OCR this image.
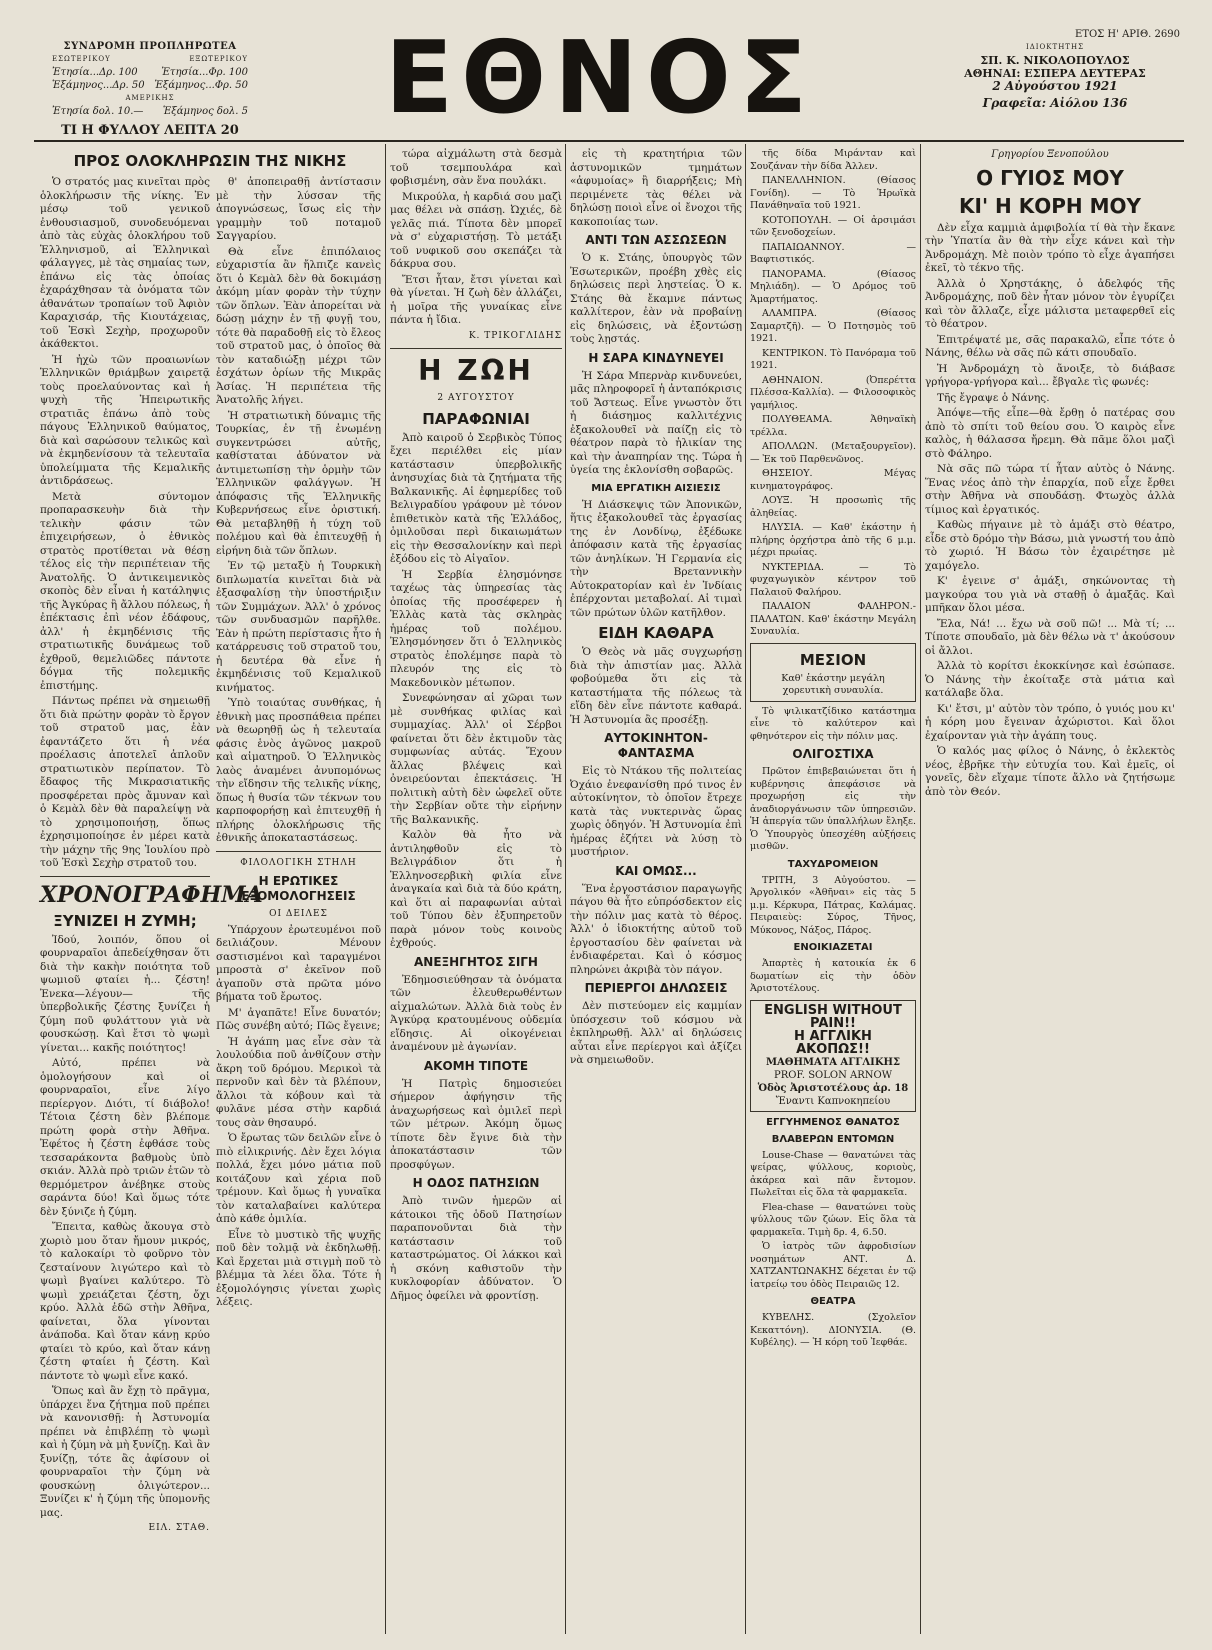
ΣΥΝΔΡΟΜΗ ΠΡΟΠΛΗΡΩΤΕΑ
ΕΣΩΤΕΡΙΚΟΥ	ΕΞΩΤΕΡΙΚΟΥ
Ἐτησία...Δρ. 100 Ἐτησία...Φρ. 100
Ἑξάμηνος...Δρ. 50 Ἑξάμηνος...Φρ. 50
ΑΜΕΡΙΚΗΣ
Ἐτησία δολ. 10.— Ἑξάμηνος δολ. 5
ΤΙ Η ΦΥΛΛΟΥ ΛΕΠΤΑ 20	ΕΘΝΟΣ	ΕΤΟΣ Η' ΑΡΙΘ. 2690
ΙΔΙΟΚΤΗΤΗΣ
ΣΠ. Κ. ΝΙΚΟΛΟΠΟΥΛΟΣ
ΑΘΗΝΑΙ: ΕΣΠΕΡΑ ΔΕΥΤΕΡΑΣ
2 Αὐγούστου 1921
Γραφεῖα: Αἰόλου 136
ΠΡΟΣ ΟΛΟΚΛΗΡΩΣΙΝ ΤΗΣ ΝΙΚΗΣ

Ὁ στρατός μας κινεῖται πρὸς ὁλοκλήρωσιν τῆς νίκης. Ἐν μέσῳ τοῦ γενικοῦ ἐνθουσιασμοῦ, συνοδευόμεναι ἀπὸ τὰς εὐχὰς ὁλοκλήρου τοῦ Ἑλληνισμοῦ, αἱ Ἑλληνικαὶ φάλαγγες, μὲ τὰς σημαίας των, ἐπάνω εἰς τὰς ὁποίας ἐχαράχθησαν τὰ ὀνόματα τῶν ἀθανάτων τροπαίων τοῦ Ἀφιὸν Καραχισάρ, τῆς Κιουτάχειας, τοῦ Ἐσκὶ Σεχὴρ, προχωροῦν ἀκάθεκτοι.

Ἡ ἠχὼ τῶν προαιωνίων Ἑλληνικῶν θριάμβων χαιρετᾷ τοὺς προελαύνοντας καὶ ἡ ψυχὴ τῆς Ἠπειρωτικῆς στρατιᾶς ἐπάνω ἀπὸ τοὺς πάγους Ἑλληνικοῦ θαύματος, διὰ καὶ σαρώσουν τελικῶς καὶ νὰ ἐκμηδενίσουν τὰ τελευταῖα ὑπολείμματα τῆς Κεμαλικῆς ἀντιδράσεως.

Μετὰ σύντομον προπαρασκευὴν διὰ τὴν τελικὴν φάσιν τῶν ἐπιχειρήσεων, ὁ ἐθνικὸς στρατὸς προτίθεται νὰ θέσῃ τέλος εἰς τὴν περιπέτειαν τῆς Ἀνατολῆς. Ὁ ἀντικειμενικὸς σκοπὸς δὲν εἶναι ἡ κατάληψις τῆς Ἀγκύρας ἢ ἄλλου πόλεως, ἡ ἐπέκτασις ἐπὶ νέον ἐδάφους, ἀλλ' ἡ ἐκμηδένισις τῆς στρατιωτικῆς δυνάμεως τοῦ ἐχθροῦ, θεμελιῶδες πάντοτε δόγμα τῆς πολεμικῆς ἐπιστήμης.

Πάντως πρέπει νὰ σημειωθῇ ὅτι διὰ πρώτην φορὰν τὸ ἔργον τοῦ στρατοῦ μας, ἐὰν ἐφαντάζετο ὅτι ἡ νέα προέλασις ἀποτελεῖ ἁπλοῦν στρατιωτικὸν περίπατον. Τὸ ἔδαφος τῆς Μικρασιατικῆς προσφέρεται πρὸς ἄμυναν καὶ ὁ Κεμὰλ δὲν θὰ παραλείψῃ νὰ τὸ χρησιμοποιήσῃ, ὅπως ἐχρησιμοποίησε ἐν μέρει κατὰ τὴν μάχην τῆς 9ης Ἰουλίου πρὸ τοῦ Ἐσκὶ Σεχὴρ στρατοῦ του.

ΧΡΟΝΟΓΡΑΦΗΜΑ
ΞΥΝΙΖΕΙ Η ΖΥΜΗ;

Ἰδού, λοιπόν, ὅπου οἱ φουρναραῖοι ἀπεδείχθησαν ὅτι διὰ τὴν κακὴν ποιότητα τοῦ ψωμιοῦ φταίει ἡ... ζέστη! Ἐνεκα—λέγουν— τῆς ὑπερβολικῆς ζέστης ξυνίζει ἡ ζύμη ποῦ φυλάττουν γιὰ νὰ φουσκώσῃ. Καὶ ἔτσι τὸ ψωμὶ γίνεται... κακῆς ποιότητος!

Αὐτό, πρέπει νὰ ὁμολογήσουν καὶ οἱ φουρναραῖοι, εἶνε λίγο περίεργον. Διότι, τί διάβολο! Τέτοια ζέστη δὲν βλέπομε πρώτη φορὰ στὴν Ἀθῆνα. Ἐφέτος ἡ ζέστη ἐφθάσε τοὺς τεσσαράκοντα βαθμοὺς ὑπὸ σκιάν. Ἀλλὰ πρὸ τριῶν ἐτῶν τὸ θερμόμετρον ἀνέβηκε στοὺς σαράντα δύο! Καὶ ὅμως τότε δὲν ξύνιζε ἡ ζύμη.

Ἔπειτα, καθὼς ἄκουγα στὸ χωριὸ μου ὅταν ἤμουν μικρός, τὸ καλοκαίρι τὸ φοῦρνο τὸν ζεσταίνουν λιγώτερο καὶ τὸ ψωμὶ βγαίνει καλύτερο. Τὸ ψωμὶ χρειάζεται ζέστη, ὄχι κρύο. Ἀλλὰ ἐδῶ στὴν Ἀθῆνα, φαίνεται, ὅλα γίνονται ἀνάποδα. Καὶ ὅταν κάνῃ κρύο φταίει τὸ κρύο, καὶ ὅταν κάνῃ ζέστη φταίει ἡ ζέστη. Καὶ πάντοτε τὸ ψωμὶ εἶνε κακό.

Ὅπως καὶ ἂν ἔχῃ τὸ πρᾶγμα, ὑπάρχει ἕνα ζήτημα ποῦ πρέπει νὰ κανονισθῇ: ἡ Ἀστυνομία πρέπει νὰ ἐπιβλέπῃ τὸ ψωμὶ καὶ ἡ ζύμη νὰ μὴ ξυνίζῃ. Καὶ ἂν ξυνίζῃ, τότε ἂς ἀφίσουν οἱ φουρναραῖοι τὴν ζύμη νὰ φουσκώνῃ ὀλιγώτερον... Ξυνίζει κ' ἡ ζύμη τῆς ὑπομονῆς μας.

ΕΙΛ. ΣΤΑΘ.

θ' ἀποπειραθῇ ἀντίστασιν μὲ τὴν λύσσαν τῆς ἀπογνώσεως, ἴσως εἰς τὴν γραμμὴν τοῦ ποταμοῦ Σαγγαρίου.

Θὰ εἶνε ἐπιπόλαιος εὐχαριστία ἂν ἤλπιζε κανεὶς ὅτι ὁ Κεμὰλ δὲν θὰ δοκιμάσῃ ἀκόμη μίαν φορὰν τὴν τύχην τῶν ὅπλων. Ἐὰν ἀπορείται νὰ δώσῃ μάχην ἐν τῇ φυγῇ του, τότε θὰ παραδοθῇ εἰς τὸ ἔλεος τοῦ στρατοῦ μας, ὁ ὁποῖος θὰ τὸν καταδιώξῃ μέχρι τῶν ἐσχάτων ὁρίων τῆς Μικρᾶς Ἀσίας. Ἡ περιπέτεια τῆς Ἀνατολῆς λήγει.

Ἡ στρατιωτικὴ δύναμις τῆς Τουρκίας, ἐν τῇ ἐνωμένῃ συγκεντρώσει αὐτῆς, καθίσταται ἀδύνατον νὰ ἀντιμετωπίσῃ τὴν ὁρμὴν τῶν Ἑλληνικῶν φαλάγγων. Ἡ ἀπόφασις τῆς Ἑλληνικῆς Κυβερνήσεως εἶνε ὁριστική. Θὰ μεταβληθῇ ἡ τύχη τοῦ πολέμου καὶ θὰ ἐπιτευχθῇ ἡ εἰρήνη διὰ τῶν ὅπλων.

Ἐν τῷ μεταξὺ ἡ Τουρκικὴ διπλωματία κινεῖται διὰ νὰ ἐξασφαλίσῃ τὴν ὑποστήριξιν τῶν Συμμάχων. Ἀλλ' ὁ χρόνος τῶν συνδυασμῶν παρῆλθε. Ἐὰν ἡ πρώτη περίστασις ἦτο ἡ κατάρρευσις τοῦ στρατοῦ του, ἡ δευτέρα θὰ εἶνε ἡ ἐκμηδένισις τοῦ Κεμαλικοῦ κινήματος.

Ὑπὸ τοιαύτας συνθήκας, ἡ ἐθνικὴ μας προσπάθεια πρέπει νὰ θεωρηθῇ ὡς ἡ τελευταία φάσις ἑνὸς ἀγῶνος μακροῦ καὶ αἱματηροῦ. Ὁ Ἑλληνικὸς λαὸς ἀναμένει ἀνυπομόνως τὴν εἴδησιν τῆς τελικῆς νίκης, ὅπως ἡ θυσία τῶν τέκνων του καρποφορήσῃ καὶ ἐπιτευχθῇ ἡ πλήρης ὁλοκλήρωσις τῆς ἐθνικῆς ἀποκαταστάσεως.

ΦΙΛΟΛΟΓΙΚΗ ΣΤΗΛΗ
Η ΕΡΩΤΙΚΕΣ ΕΞΟΜΟΛΟΓΗΣΕΙΣ
ΟΙ ΔΕΙΛΕΣ

Ὑπάρχουν ἐρωτευμένοι ποῦ δειλιάζουν. Μένουν σαστισμένοι καὶ ταραγμένοι μπροστὰ σ' ἐκεῖνον ποῦ ἀγαποῦν στὰ πρῶτα μόνο βήματα τοῦ ἔρωτος.

Μ' ἀγαπᾶτε! Εἶνε δυνατόν; Πῶς συνέβη αὐτό; Πῶς ἔγεινε;

Ἡ ἀγάπη μας εἶνε σὰν τὰ λουλούδια ποῦ ἀνθίζουν στὴν ἄκρη τοῦ δρόμου. Μερικοὶ τὰ περνοῦν καὶ δὲν τὰ βλέπουν, ἄλλοι τὰ κόβουν καὶ τὰ φυλᾶνε μέσα στὴν καρδιά τους σὰν θησαυρό.

Ὁ ἔρωτας τῶν δειλῶν εἶνε ὁ πιὸ εἰλικρινής. Δὲν ἔχει λόγια πολλά, ἔχει μόνο μάτια ποῦ κοιτάζουν καὶ χέρια ποῦ τρέμουν. Καὶ ὅμως ἡ γυναῖκα τὸν καταλαβαίνει καλύτερα ἀπὸ κάθε ὁμιλία.

Εἶνε τὸ μυστικὸ τῆς ψυχῆς ποῦ δὲν τολμᾷ νὰ ἐκδηλωθῇ. Καὶ ἔρχεται μιὰ στιγμὴ ποῦ τὸ βλέμμα τὰ λέει ὅλα. Τότε ἡ ἐξομολόγησις γίνεται χωρὶς λέξεις.

τώρα αἰχμάλωτη στὰ δεσμὰ τοῦ τσεμπουλάρα καὶ φοβισμένη, σὰν ἕνα πουλάκι.

Μικρούλα, ἡ καρδιά σου μαζὶ μας θέλει νὰ σπάσῃ. Ὠχιές, δὲ γελᾶς πιά. Τίποτα δὲν μπορεῖ νὰ σ' εὐχαριστήσῃ. Τὸ μετάξι τοῦ νυφικοῦ σου σκεπάζει τὰ δάκρυα σου.

Ἔτσι ἦταν, ἔτσι γίνεται καὶ θὰ γίνεται. Ἡ ζωὴ δὲν ἀλλάζει, ἡ μοῖρα τῆς γυναίκας εἶνε πάντα ἡ ἴδια.

Κ. ΤΡΙΚΟΓΛΙΔΗΣ
Η ΖΩΗ
2 ΑΥΓΟΥΣΤΟΥ
ΠΑΡΑΦΩΝΙΑΙ

Ἀπὸ καιροῦ ὁ Σερβικὸς Τύπος ἔχει περιέλθει εἰς μίαν κατάστασιν ὑπερβολικῆς ἀνησυχίας διὰ τὰ ζητήματα τῆς Βαλκανικῆς. Αἱ ἐφημερίδες τοῦ Βελιγραδίου γράφουν μὲ τόνον ἐπιθετικὸν κατὰ τῆς Ἑλλάδος, ὁμιλοῦσαι περὶ δικαιωμάτων εἰς τὴν Θεσσαλονίκην καὶ περὶ ἐξόδου εἰς τὸ Αἰγαῖον.

Ἡ Σερβία ἐλησμόνησε ταχέως τὰς ὑπηρεσίας τὰς ὁποίας τῆς προσέφερεν ἡ Ἑλλὰς κατὰ τὰς σκληρὰς ἡμέρας τοῦ πολέμου. Ἐλησμόνησεν ὅτι ὁ Ἑλληνικὸς στρατὸς ἐπολέμησε παρὰ τὸ πλευρόν της εἰς τὸ Μακεδονικὸν μέτωπον.

Συνεφώνησαν αἱ χῶραι των μὲ συνθήκας φιλίας καὶ συμμαχίας. Ἀλλ' οἱ Σέρβοι φαίνεται ὅτι δὲν ἐκτιμοῦν τὰς συμφωνίας αὐτάς. Ἔχουν ἄλλας βλέψεις καὶ ὀνειρεύονται ἐπεκτάσεις. Ἡ πολιτικὴ αὐτὴ δὲν ὠφελεῖ οὔτε τὴν Σερβίαν οὔτε τὴν εἰρήνην τῆς Βαλκανικῆς.

Καλὸν θὰ ἦτο νὰ ἀντιληφθοῦν εἰς τὸ Βελιγράδιον ὅτι ἡ Ἑλληνοσερβικὴ φιλία εἶνε ἀναγκαία καὶ διὰ τὰ δύο κράτη, καὶ ὅτι αἱ παραφωνίαι αὐταὶ τοῦ Τύπου δὲν ἐξυπηρετοῦν παρὰ μόνον τοὺς κοινοὺς ἐχθρούς.

ΑΝΕΞΗΓΗΤΟΣ ΣΙΓΗ

Ἐδημοσιεύθησαν τὰ ὀνόματα τῶν ἐλευθερωθέντων αἰχμαλώτων. Ἀλλὰ διὰ τοὺς ἐν Ἀγκύρᾳ κρατουμένους οὐδεμία εἴδησις. Αἱ οἰκογένειαι ἀναμένουν μὲ ἀγωνίαν.

ΑΚΟΜΗ ΤΙΠΟΤΕ

Ἡ Πατρὶς δημοσιεύει σήμερον ἀφήγησιν τῆς ἀναχωρήσεως καὶ ὁμιλεῖ περὶ τῶν μέτρων. Ἀκόμη ὅμως τίποτε δὲν ἔγινε διὰ τὴν ἀποκατάστασιν τῶν προσφύγων.

Η ΟΔΟΣ ΠΑΤΗΣΙΩΝ

Ἀπὸ τινῶν ἡμερῶν αἱ κάτοικοι τῆς ὁδοῦ Πατησίων παραπονοῦνται διὰ τὴν κατάστασιν τοῦ καταστρώματος. Οἱ λάκκοι καὶ ἡ σκόνη καθιστοῦν τὴν κυκλοφορίαν ἀδύνατον. Ὁ Δῆμος ὀφείλει νὰ φροντίσῃ.

εἰς τὴ κρατητήρια τῶν ἀστυνομικῶν τμημάτων «ἀφυμοίας» ἢ διαρρήξεις; Μὴ περιμένετε τὰς θέλει νὰ δηλώσῃ ποιοὶ εἶνε οἱ ἔνοχοι τῆς κακοποιίας των.

ΑΝΤΙ ΤΩΝ ΑΣΣΩΣΕΩΝ

Ὁ κ. Στάης, ὑπουργὸς τῶν Ἐσωτερικῶν, προέβη χθὲς εἰς δηλώσεις περὶ ληστείας. Ὁ κ. Στάης θὰ ἔκαμνε πάντως καλλίτερον, ἐὰν νὰ προβαίνῃ εἰς δηλώσεις, νὰ ἐξοντώσῃ τοὺς λῃστάς.

Η ΣΑΡΑ ΚΙΝΔΥΝΕΥΕΙ

Ἡ Σάρα Μπερνὰρ κινδυνεύει, μᾶς πληροφορεῖ ἡ ἀνταπόκρισις τοῦ Ἄστεως. Εἶνε γνωστὸν ὅτι ἡ διάσημος καλλιτέχνις ἐξακολουθεῖ νὰ παίζῃ εἰς τὸ θέατρον παρὰ τὸ ἡλικίαν της καὶ τὴν ἀναπηρίαν της. Τώρα ἡ ὑγεία της ἐκλονίσθη σοβαρῶς.

ΜΙΑ ΕΡΓΑΤΙΚΗ ΑΙΣΙΕΣΙΣ

Ἡ Διάσκεψις τῶν Ἀπονικῶν, ἥτις ἐξακολουθεῖ τὰς ἐργασίας της ἐν Λονδίνῳ, ἐξέδωκε ἀπόφασιν κατὰ τῆς ἐργασίας τῶν ἀνηλίκων. Ἡ Γερμανία εἰς τὴν Βρεταννικὴν Αὐτοκρατορίαν καὶ ἐν Ἰνδίαις ἐπέρχονται μεταβολαί. Αἱ τιμαὶ τῶν πρώτων ὑλῶν κατῆλθον.

ΕΙΔΗ ΚΑΘΑΡΑ

Ὁ Θεὸς νὰ μᾶς συγχωρήσῃ διὰ τὴν ἀπιστίαν μας. Ἀλλὰ φοβούμεθα ὅτι εἰς τὰ καταστήματα τῆς πόλεως τὰ εἴδη δὲν εἶνε πάντοτε καθαρά. Ἡ Ἀστυνομία ἂς προσέξῃ.

ΑΥΤΟΚΙΝΗΤΟΝ-ΦΑΝΤΑΣΜΑ

Εἰς τὸ Ντάκου τῆς πολιτείας Ὀχάιο ἐνεφανίσθη πρό τινος ἐν αὐτοκίνητον, τὸ ὁποῖον ἔτρεχε κατὰ τὰς νυκτερινὰς ὥρας χωρὶς ὁδηγόν. Ἡ Ἀστυνομία ἐπὶ ἡμέρας ἐζήτει νὰ λύσῃ τὸ μυστήριον.

ΚΑΙ ΟΜΩΣ...

Ἕνα ἐργοστάσιον παραγωγῆς πάγου θὰ ἦτο εὐπρόσδεκτον εἰς τὴν πόλιν μας κατὰ τὸ θέρος. Ἀλλ' ὁ ἰδιοκτήτης αὐτοῦ τοῦ ἐργοστασίου δὲν φαίνεται νὰ ἐνδιαφέρεται. Καὶ ὁ κόσμος πληρώνει ἀκριβὰ τὸν πάγον.

ΠΕΡΙΕΡΓΟΙ ΔΗΛΩΣΕΙΣ

Δὲν πιστεύομεν εἰς καμμίαν ὑπόσχεσιν τοῦ κόσμου νὰ ἐκπληρωθῇ. Ἀλλ' αἱ δηλώσεις αὗται εἶνε περίεργοι καὶ ἀξίζει νὰ σημειωθοῦν.

τῆς δίδα Μιράνταν καὶ Σουζάναν τὴν δίδα Ἀλλεν.

ΠΑΝΕΛΛΗΝΙΟΝ. (Θίασος Γονίδη). — Τὸ Ἡρωϊκὰ Πανάθηναϊα τοῦ 1921.

ΚΟΤΟΠΟΥΛΗ. — Οἱ ἀρσιμάσι τῶν ξενοδοχείων.

ΠΑΠΑΙΩΑΝΝΟΥ. — Βαφτιστικός.

ΠΑΝΟΡΑΜΑ. (Θίασος Μηλιάδη). — Ὁ Δρόμος τοῦ Ἁμαρτήματος.

ΑΛΑΜΠΡΑ. (Θίασος Σαμαρτζῆ). — Ὁ Ποτησμὸς τοῦ 1921.

ΚΕΝΤΡΙΚΟΝ. Τὸ Πανόραμα τοῦ 1921.

ΑΘΗΝΑΙΟΝ. (Ὀπερέττα Πλέσσα-Καλλία). — Φιλοσοφικὸς γαμήλιος.

ΠΟΛΥΘΕΑΜΑ. Ἀθηναϊκὴ τρέλλα.

ΑΠΟΛΛΩΝ. (Μεταξουργεῖον). — Ἐκ τοῦ Παρθενῶνος.

ΘΗΣΕΙΟΥ. Μέγας κινηματογράφος.

ΛΟΥΞ. Ἡ προσωπὶς τῆς ἀληθείας.

ΗΛΥΣΙΑ. — Καθ' ἑκάστην ἡ πλήρης ὀρχήστρα ἀπὸ τῆς 6 μ.μ. μέχρι πρωίας.

ΝΥΚΤΕΡΙΔΑ. — Τὸ φυχαγωγικὸν κέντρον τοῦ Παλαιοῦ Φαλήρου.

ΠΑΛΑΙΟΝ ΦΑΛΗΡΟΝ.-ΠΑΛΑΤΩΝ. Καθ' ἑκάστην Μεγάλη Συναυλία.

ΜΕΣΙΟΝ
Καθ' ἑκάστην μεγάλη χορευτικὴ συναυλία.

Τὸ ψιλικατζίδικο κατάστημα εἶνε τὸ καλύτερον καὶ φθηνότερον εἰς τὴν πόλιν μας.

ΟΛΙΓΟΣΤΙΧΑ

Πρῶτον ἐπιβεβαιώνεται ὅτι ἡ κυβέρνησις ἀπεφάσισε νὰ προχωρήσῃ εἰς τὴν ἀναδιοργάνωσιν τῶν ὑπηρεσιῶν. Ἡ ἀπεργία τῶν ὑπαλλήλων ἔληξε. Ὁ Ὑπουργὸς ὑπεσχέθη αὐξήσεις μισθῶν.

ΤΑΧΥΔΡΟΜΕΙΟΝ

ΤΡΙΤΗ, 3 Αὐγούστου. — Ἀργολικόν «Ἀθῆναι» εἰς τὰς 5 μ.μ. Κέρκυρα, Πάτρας, Καλάμας. Πειραιεὺς: Σύρος, Τῆνος, Μύκονος, Νάξος, Πάρος.

ΕΝΟΙΚΙΑΖΕΤΑΙ

Ἀπαρτὲς ἡ κατοικία ἐκ 6 δωματίων εἰς τὴν ὁδὸν Ἀριστοτέλους.

ENGLISH WITHOUT PAIN!!
Η ΑΓΓΛΙΚΗ ΑΚΟΠΩΣ!!
ΜΑΘΗΜΑΤΑ ΑΓΓΛΙΚΗΣ
PROF. SOLON ARNOW
Ὁδὸς Ἀριστοτέλους ἀρ. 18
Ἔναντι Καπνοκηπείου
ΕΓΓΥΗΜΕΝΟΣ ΘΑΝΑΤΟΣ
ΒΛΑΒΕΡΩΝ ΕΝΤΟΜΩΝ

Louse-Chase — θανατώνει τὰς ψείρας, ψύλλους, κοριοὺς, ἀκάρεα καὶ πᾶν ἔντομον. Πωλεῖται εἰς ὅλα τὰ φαρμακεῖα.

Flea-chase — θανατώνει τοὺς ψύλλους τῶν ζώων. Εἰς ὅλα τὰ φαρμακεῖα. Τιμὴ δρ. 4, 6.50.

Ὁ ἰατρὸς τῶν ἀφροδισίων νοσημάτων ΑΝΤ. Δ. ΧΑΤΖΑΝΤΩΝΑΚΗΣ δέχεται ἐν τῷ ἰατρείῳ του ὁδὸς Πειραιῶς 12.

ΘΕΑΤΡΑ

ΚΥΒΕΛΗΣ. (Σχολεῖον Κεκαττόνη). ΔΙΟΝΥΣΙΑ. (Θ. Κυβέλης). — Ἡ κόρη τοῦ Ἰεφθάε.

Γρηγορίου Ξενοπούλου
Ο ΓΥΙΟΣ ΜΟΥ
ΚΙ' Η ΚΟΡΗ ΜΟΥ

Δὲν εἶχα καμμιὰ ἀμφιβολία τί θὰ τὴν ἔκανε τὴν Ὑπατία ἂν θὰ τὴν εἶχε κάνει καὶ τὴν Ἀνδρομάχη. Μὲ ποιὸν τρόπο τὸ εἶχε ἀγαπήσει ἐκεῖ, τὸ τέκνο τῆς.

Ἀλλὰ ὁ Χρηστάκης, ὁ ἀδελφός τῆς Ἀνδρομάχης, ποῦ δὲν ἦταν μόνον τὸν ἐγυρίζει καὶ τὸν ἄλλαζε, εἶχε μάλιστα μεταφερθεῖ εἰς τὸ θέατρον.

Ἐπιτρέψατέ με, σᾶς παρακαλῶ, εἶπε τότε ὁ Νάνης, θέλω νὰ σᾶς πῶ κάτι σπουδαῖο.

Ἡ Ἀνδρομάχη τὸ ἄνοιξε, τὸ διάβασε γρήγορα-γρήγορα καὶ... ἔβγαλε τὶς φωνές:

Τῆς ἔγραψε ὁ Νάνης.

Ἀπόψε—τῆς εἶπε—θὰ ἔρθῃ ὁ πατέρας σου ἀπὸ τὸ σπίτι τοῦ θείου σου. Ὁ καιρὸς εἶνε καλὸς, ἡ θάλασσα ἤρεμη. Θὰ πᾶμε ὅλοι μαζὶ στὸ Φάληρο.

Νὰ σᾶς πῶ τώρα τί ἦταν αὐτὸς ὁ Νάνης. Ἕνας νέος ἀπὸ τὴν ἐπαρχία, ποῦ εἶχε ἔρθει στὴν Ἀθῆνα νὰ σπουδάσῃ. Φτωχὸς ἀλλὰ τίμιος καὶ ἐργατικός.

Καθὼς πήγαινε μὲ τὸ ἁμάξι στὸ θέατρο, εἶδε στὸ δρόμο τὴν Βάσω, μιὰ γνωστή του ἀπὸ τὸ χωριό. Ἡ Βάσω τὸν ἐχαιρέτησε μὲ χαμόγελο.

Κ' ἐγεινε σ' ἁμάξι, σηκώνοντας τὴ μαγκούρα του γιὰ νὰ σταθῇ ὁ ἁμαξᾶς. Καὶ μπῆκαν ὅλοι μέσα.

Ἔλα, Νά! ... ἔχω νὰ σοῦ πῶ! ... Μὰ τί; ... Τίποτε σπουδαῖο, μὰ δὲν θέλω νὰ τ' ἀκούσουν οἱ ἄλλοι.

Ἀλλὰ τὸ κορίτσι ἐκοκκίνησε καὶ ἐσώπασε. Ὁ Νάνης τὴν ἐκοίταξε στὰ μάτια καὶ κατάλαβε ὅλα.

Κι' ἔτσι, μ' αὐτὸν τὸν τρόπο, ὁ γυιός μου κι' ἡ κόρη μου ἔγειναν ἀχώριστοι. Καὶ ὅλοι ἐχαίρονταν γιὰ τὴν ἀγάπη τους.

Ὁ καλός μας φίλος ὁ Νάνης, ὁ ἐκλεκτὸς νέος, ἐβρῆκε τὴν εὐτυχία του. Καὶ ἐμεῖς, οἱ γονεῖς, δὲν εἴχαμε τίποτε ἄλλο νὰ ζητήσωμε ἀπὸ τὸν Θεόν.
